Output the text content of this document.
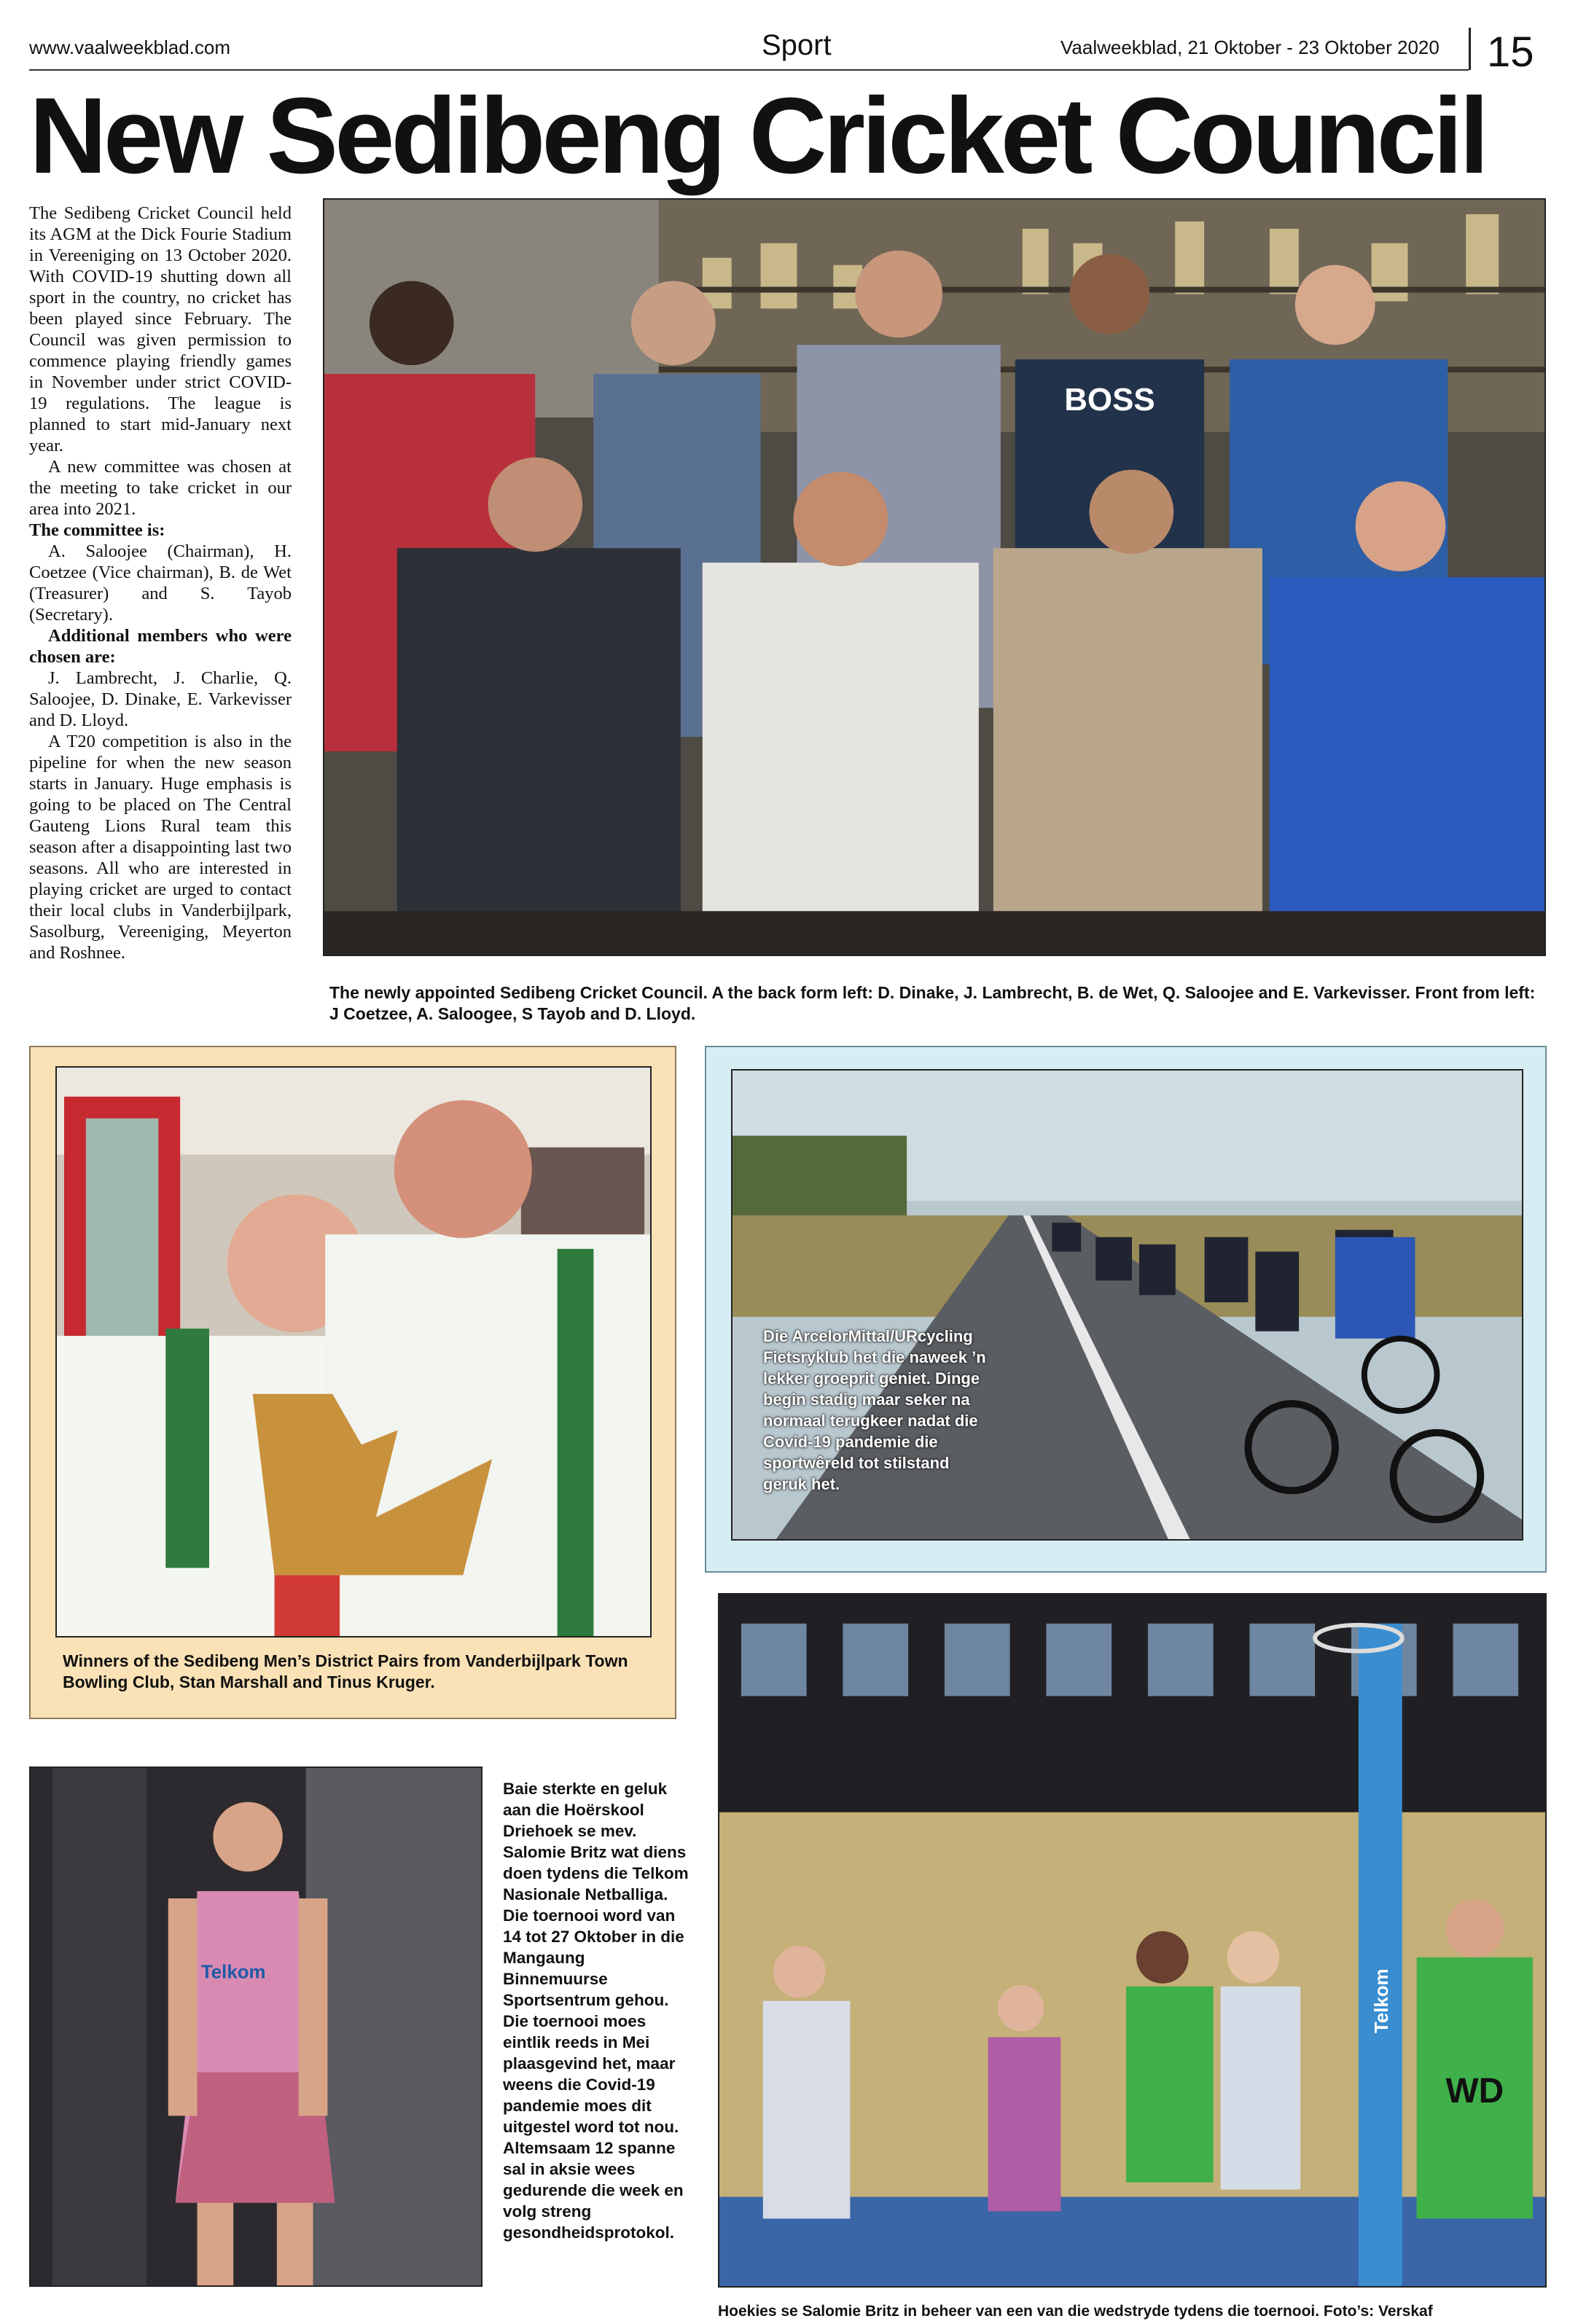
www.vaalweekblad.com	Sport	Vaalweekblad, 21 Oktober - 23 Oktober 2020 15
New Sedibeng Cricket Council

The Sedibeng Cricket Council held its AGM at the Dick Fourie Stadium in Vereeniging on 13 October 2020. With COVID-19 shutting down all sport in the country, no cricket has been played since February. The Council was given permission to commence playing friendly games in November under strict COVID-19 regulations. The league is planned to start mid-January next year.

A new committee was chosen at the meeting to take cricket in our area into 2021.

The committee is:

A. Saloojee (Chairman), H. Coetzee (Vice chairman), B. de Wet (Treasurer) and S. Tayob (Secretary).

Additional members who were chosen are:

J. Lambrecht, J. Charlie, Q. Saloojee, D. Dinake, E. Varkevisser and D. Lloyd.

A T20 competition is also in the pipeline for when the new season starts in January. Huge emphasis is going to be placed on The Central Gauteng Lions Rural team this season after a disappointing last two seasons. All who are interested in playing cricket are urged to contact their local clubs in Vanderbijlpark, Sasolburg, Vereeniging, Meyerton and Roshnee.

BOSS
The newly appointed Sedibeng Cricket Council. A the back form left: D. Dinake, J. Lambrecht, B. de Wet, Q. Saloojee and E. Varkevisser. Front from left: J Coetzee, A. Saloogee, S Tayob and D. Lloyd.
Winners of the Sedibeng Men’s District Pairs from Vanderbijlpark Town Bowling Club, Stan Marshall and Tinus Kruger.
Die ArcelorMittal/URcycling Fietsryklub het die naweek ’n lekker groeprit geniet. Dinge begin stadig maar seker na normaal terugkeer nadat die Covid-19 pandemie die sportwêreld tot stilstand geruk het.
Telkom
Baie sterkte en geluk aan die Hoërskool Driehoek se mev. Salomie Britz wat diens doen tydens die Telkom Nasionale Netballiga. Die toernooi word van 14 tot 27 Oktober in die Mangaung Binnemuurse Sportsentrum gehou. Die toernooi moes eintlik reeds in Mei plaasgevind het, maar weens die Covid-19 pandemie moes dit uitgestel word tot nou. Altemsaam 12 spanne sal in aksie wees gedurende die week en volg streng gesondheidsprotokol.
Telkom
WD
Hoekies se Salomie Britz in beheer van een van die wedstryde tydens die toernooi. Foto’s: Verskaf
